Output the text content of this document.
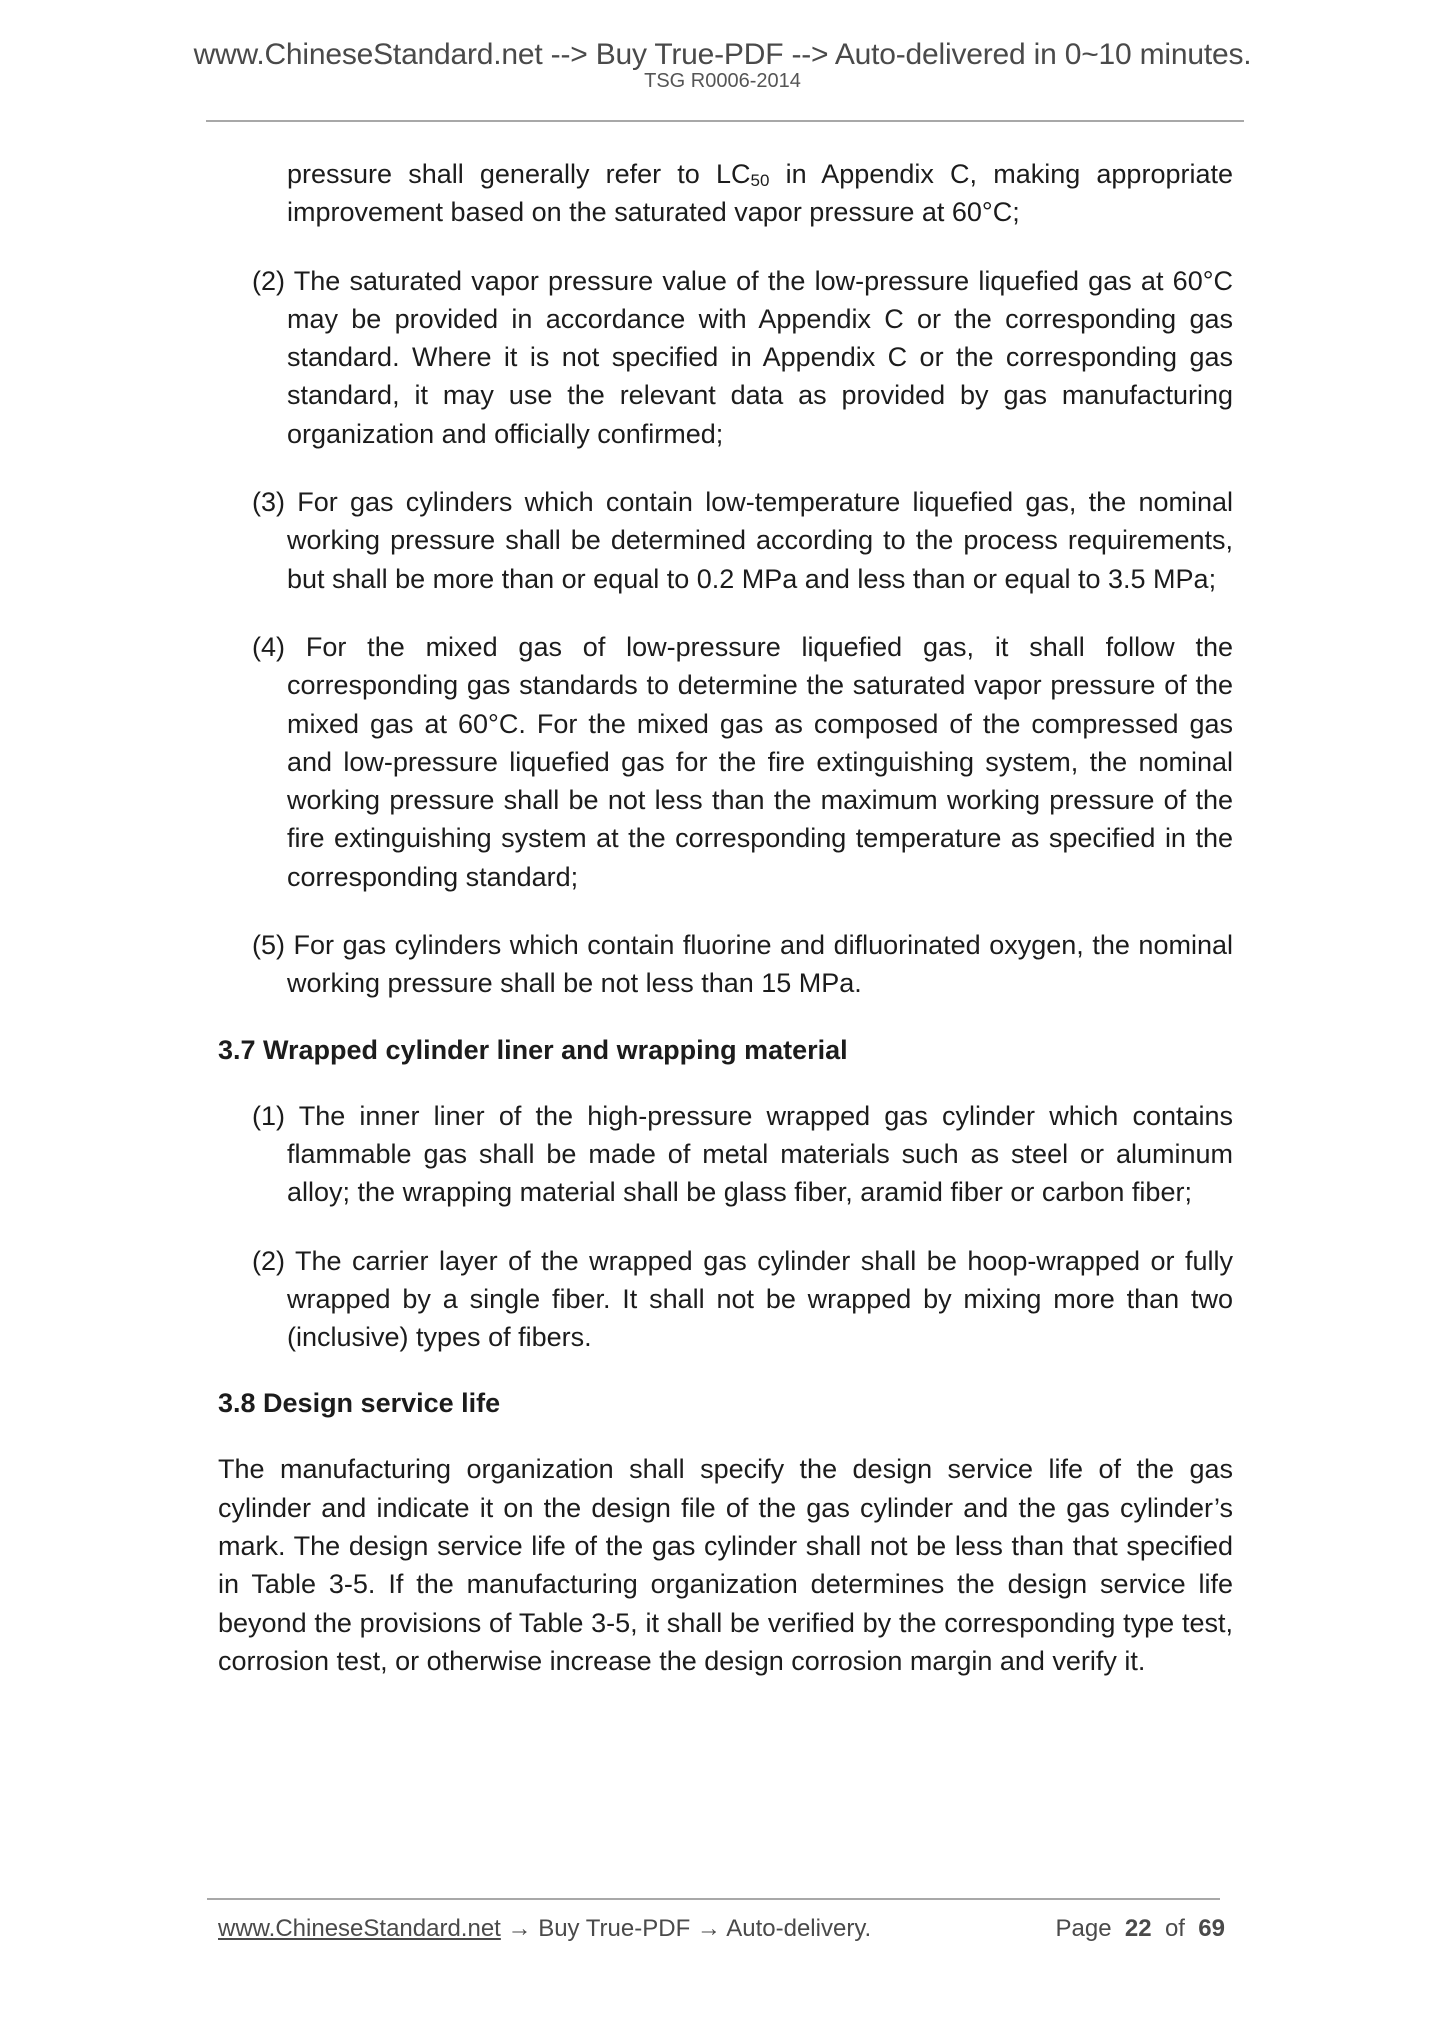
www.ChineseStandard.net --> Buy True-PDF --> Auto-delivered in 0~10 minutes.
TSG R0006-2014

pressure shall generally refer to $LC_{50}$ in Appendix C, making appropriate improvement based on the saturated vapor pressure at 60°C;

(2) The saturated vapor pressure value of the low-pressure liquefied gas at 60°C may be provided in accordance with Appendix C or the corresponding gas standard. Where it is not specified in Appendix C or the corresponding gas standard, it may use the relevant data as provided by gas manufacturing organization and officially confirmed;

(3) For gas cylinders which contain low-temperature liquefied gas, the nominal working pressure shall be determined according to the process requirements, but shall be more than or equal to 0.2 MPa and less than or equal to 3.5 MPa;

(4) For the mixed gas of low-pressure liquefied gas, it shall follow the corresponding gas standards to determine the saturated vapor pressure of the mixed gas at 60°C. For the mixed gas as composed of the compressed gas and low-pressure liquefied gas for the fire extinguishing system, the nominal working pressure shall be not less than the maximum working pressure of the fire extinguishing system at the corresponding temperature as specified in the corresponding standard;

(5) For gas cylinders which contain fluorine and difluorinated oxygen, the nominal working pressure shall be not less than 15 MPa.

3.7 Wrapped cylinder liner and wrapping material

(1) The inner liner of the high-pressure wrapped gas cylinder which contains flammable gas shall be made of metal materials such as steel or aluminum alloy; the wrapping material shall be glass fiber, aramid fiber or carbon fiber;

(2) The carrier layer of the wrapped gas cylinder shall be hoop-wrapped or fully wrapped by a single fiber. It shall not be wrapped by mixing more than two (inclusive) types of fibers.

3.8 Design service life

The manufacturing organization shall specify the design service life of the gas cylinder and indicate it on the design file of the gas cylinder and the gas cylinder’s mark. The design service life of the gas cylinder shall not be less than that specified in Table 3-5. If the manufacturing organization determines the design service life beyond the provisions of Table 3-5, it shall be verified by the corresponding type test, corrosion test, or otherwise increase the design corrosion margin and verify it.

www.ChineseStandard.net → Buy True-PDF → Auto-delivery.	Page 22 of 69
